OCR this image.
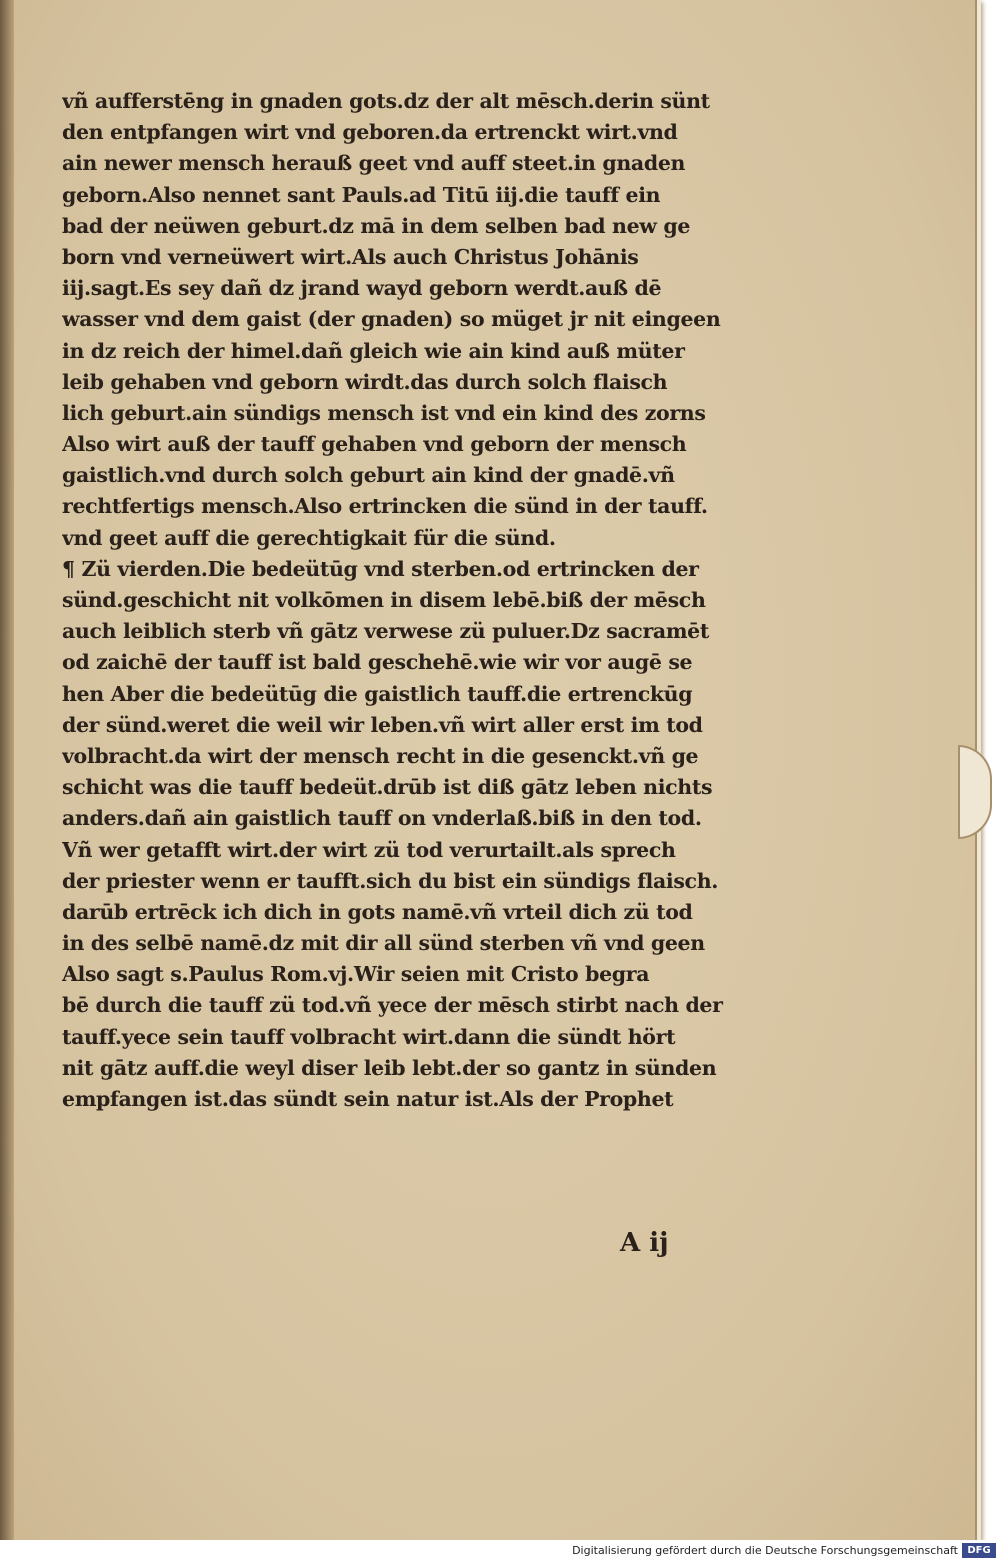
vñ aufferstēng in gnaden gots.dz der alt mēsch.derin sünt
den entpfangen wirt vnd geboren.da ertrenckt wirt.vnd
ain newer mensch herauß geet vnd auff steet.in gnaden
geborn.Also nennet sant Pauls.ad Titū iij.die tauff ein
bad der neüwen geburt.dz mā in dem selben bad new ge
born vnd verneüwert wirt.Als auch Christus Johānis
iij.sagt.Es sey dañ dz jrand wayd geborn werdt.auß dē
wasser vnd dem gaist (der gnaden) so müget jr nit eingeen
in dz reich der himel.dañ gleich wie ain kind auß müter
leib gehaben vnd geborn wirdt.das durch solch flaisch
lich geburt.ain sündigs mensch ist vnd ein kind des zorns
Also wirt auß der tauff gehaben vnd geborn der mensch
gaistlich.vnd durch solch geburt ain kind der gnadē.vñ
rechtfertigs mensch.Also ertrincken die sünd in der tauff.
vnd geet auff die gerechtigkait für die sünd.
¶ Zü vierden.Die bedeütūg vnd sterben.od ertrincken der
sünd.geschicht nit volkōmen in disem lebē.biß der mēsch
auch leiblich sterb vñ gātz verwese zü puluer.Dz sacramēt
od zaichē der tauff ist bald geschehē.wie wir vor augē se
hen Aber die bedeütūg die gaistlich tauff.die ertrenckūg
der sünd.weret die weil wir leben.vñ wirt aller erst im tod
volbracht.da wirt der mensch recht in die gesenckt.vñ ge
schicht was die tauff bedeüt.drūb ist diß gātz leben nichts
anders.dañ ain gaistlich tauff on vnderlaß.biß in den tod.
Vñ wer getafft wirt.der wirt zü tod verurtailt.als sprech
der priester wenn er taufft.sich du bist ein sündigs flaisch.
darūb ertrēck ich dich in gots namē.vñ vrteil dich zü tod
in des selbē namē.dz mit dir all sünd sterben vñ vnd geen
Also sagt s.Paulus Rom.vj.Wir seien mit Cristo begra
bē durch die tauff zü tod.vñ yece der mēsch stirbt nach der
tauff.yece sein tauff volbracht wirt.dann die sündt hört
nit gātz auff.die weyl diser leib lebt.der so gantz in sünden
empfangen ist.das sündt sein natur ist.Als der Prophet
A ij
Digitalisierung gefördert durch die Deutsche Forschungsgemeinschaft DFG
